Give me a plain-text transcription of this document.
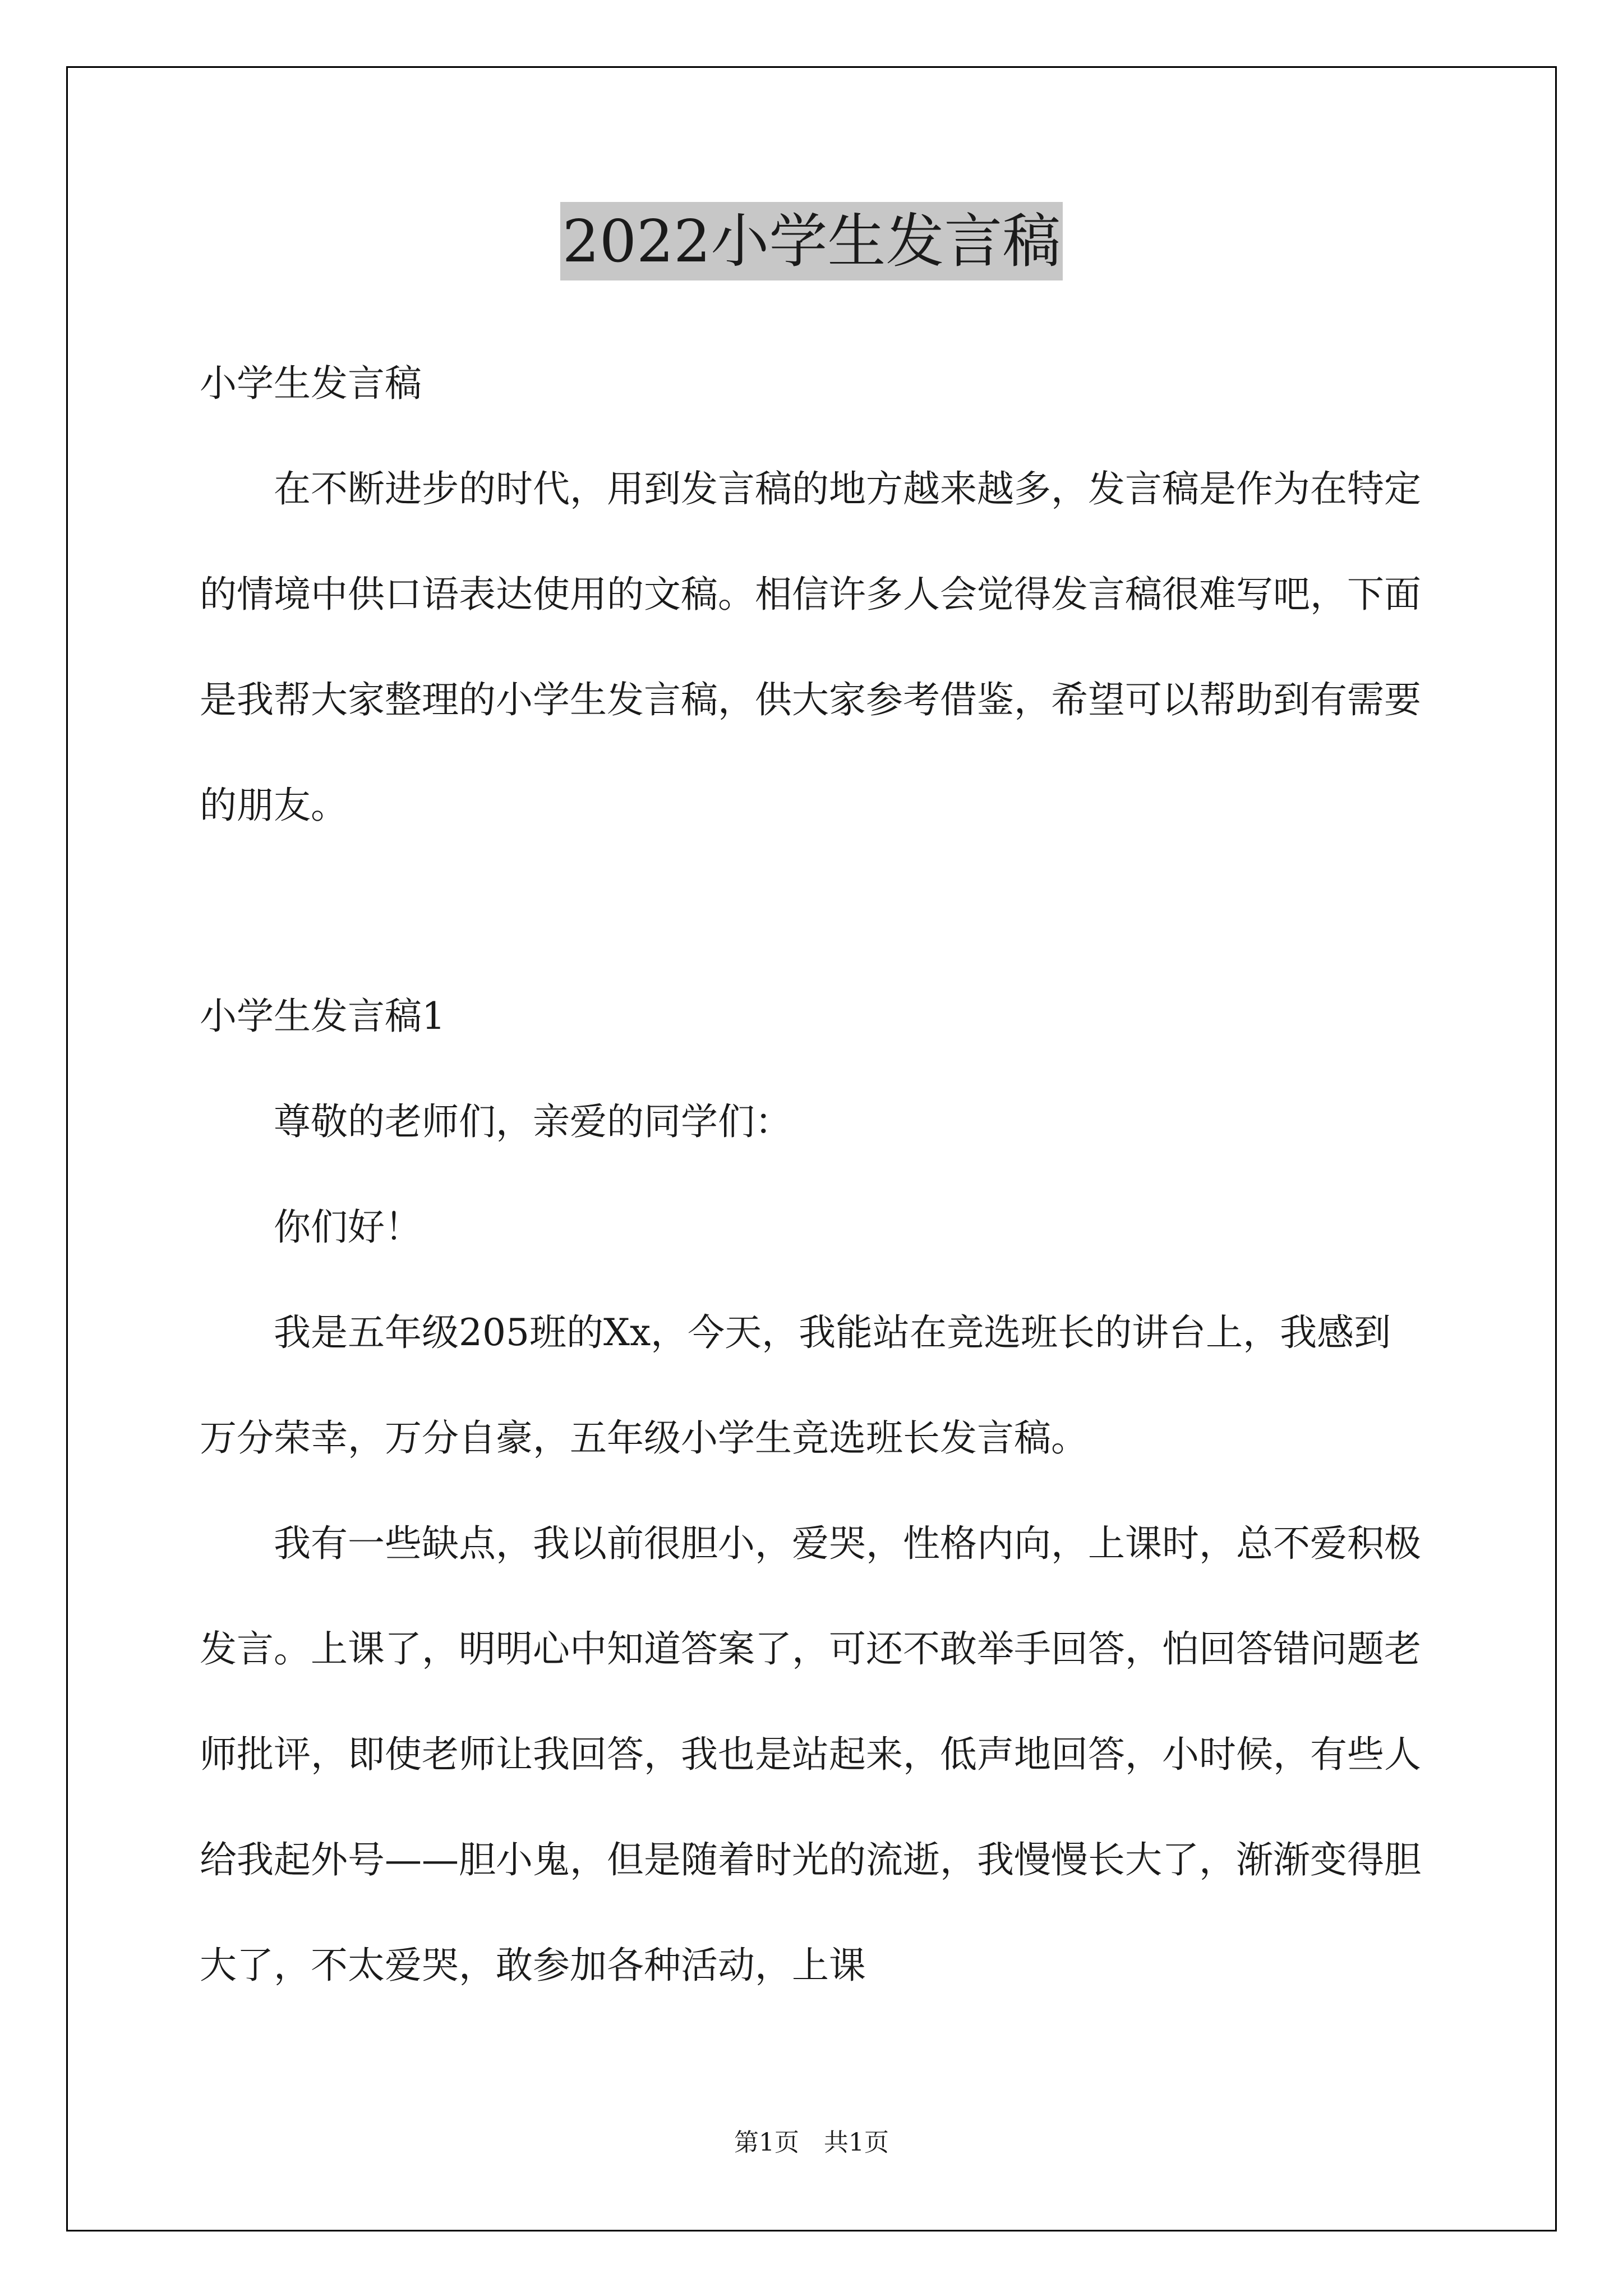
2022小学生发言稿

小学生发言稿

在不断进步的时代，用到发言稿的地方越来越多，发言稿是作为在特定的情境中供口语表达使用的文稿。相信许多人会觉得发言稿很难写吧，下面是我帮大家整理的小学生发言稿，供大家参考借鉴，希望可以帮助到有需要的朋友。

小学生发言稿1

尊敬的老师们，亲爱的同学们：

你们好！

我是五年级205班的Xx，今天，我能站在竞选班长的讲台上，我感到万分荣幸，万分自豪，五年级小学生竞选班长发言稿。

我有一些缺点，我以前很胆小，爱哭，性格内向，上课时，总不爱积极发言。上课了，明明心中知道答案了，可还不敢举手回答，怕回答错问题老师批评，即使老师让我回答，我也是站起来，低声地回答，小时候，有些人给我起外号——胆小鬼，但是随着时光的流逝，我慢慢长大了，渐渐变得胆大了，不太爱哭，敢参加各种活动，上课

第1页　共1页
